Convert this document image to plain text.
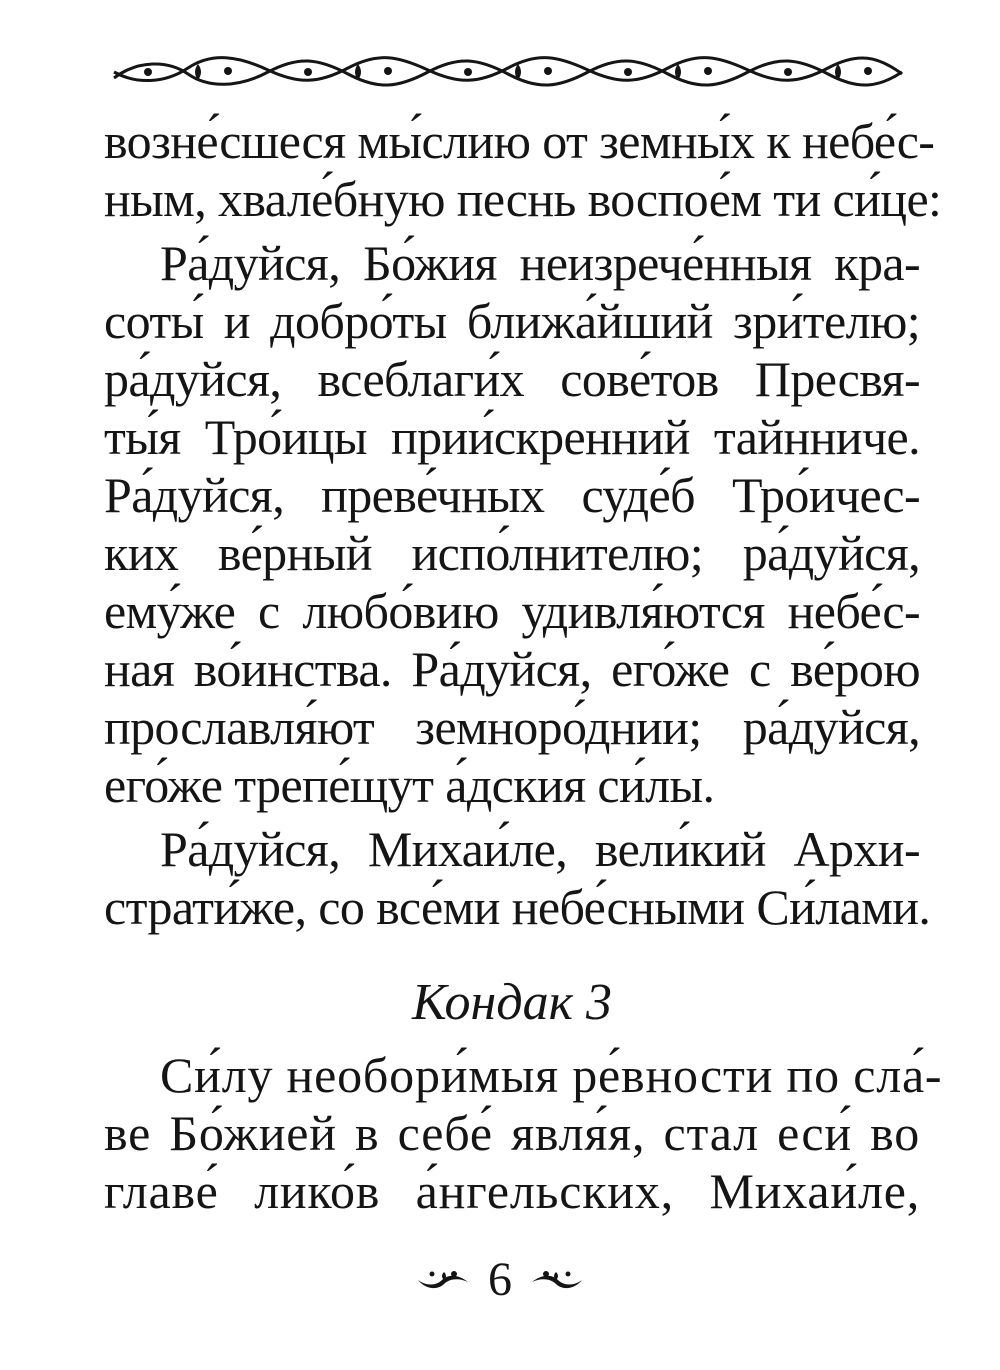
возне́сшеся мы́слию от земны́х к небе́с-
ным, хвале́бную песнь воспое́м ти си́це:
Ра́дуйся, Бо́жия неизрече́нныя кра-
соты́ и добро́ты ближа́йший зри́телю;
ра́дуйся, всеблаги́х сове́тов Пресвя-
ты́я Тро́ицы прии́скренний тайнниче.
Ра́дуйся, преве́чных суде́б Тро́ичес-
ких ве́рный испо́лнителю; ра́дуйся,
ему́же с любо́вию удивля́ются небе́с-
ная во́инства. Ра́дуйся, его́же с ве́рою
прославля́ют земноро́днии; ра́дуйся,
его́же трепе́щут а́дския си́лы.
Ра́дуйся, Михаи́ле, вели́кий Архи-
страти́же, со все́ми небе́сными Си́лами.
Кондак 3
Си́лу необори́мыя ре́вности по сла́-
ве Бо́жией в себе́ явля́я, стал еси́ во
главе́ лико́в а́нгельских, Михаи́ле,
6
